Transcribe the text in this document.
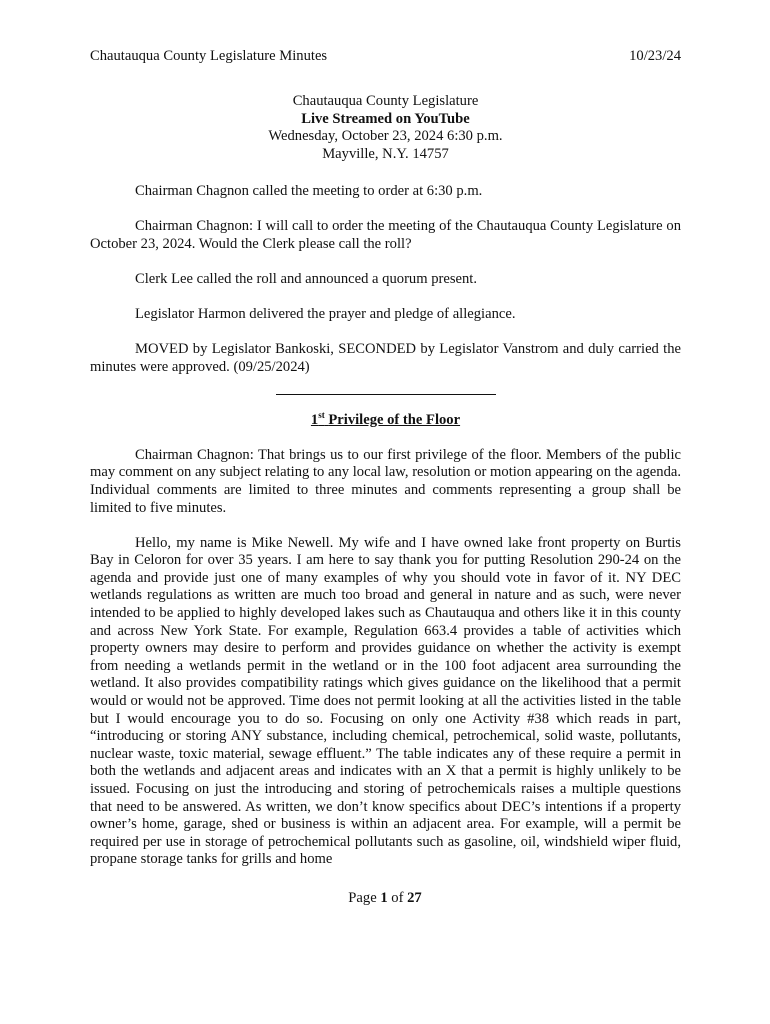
Chautauqua County Legislature Minutes	10/23/24
Chautauqua County Legislature
Live Streamed on YouTube
Wednesday, October 23, 2024 6:30 p.m.
Mayville, N.Y. 14757

Chairman Chagnon called the meeting to order at 6:30 p.m.

Chairman Chagnon: I will call to order the meeting of the Chautauqua County Legislature on October 23, 2024. Would the Clerk please call the roll?

Clerk Lee called the roll and announced a quorum present.

Legislator Harmon delivered the prayer and pledge of allegiance.

MOVED by Legislator Bankoski, SECONDED by Legislator Vanstrom and duly carried the minutes were approved. (09/25/2024)

1st Privilege of the Floor

Chairman Chagnon: That brings us to our first privilege of the floor. Members of the public may comment on any subject relating to any local law, resolution or motion appearing on the agenda. Individual comments are limited to three minutes and comments representing a group shall be limited to five minutes.

Hello, my name is Mike Newell. My wife and I have owned lake front property on Burtis Bay in Celoron for over 35 years. I am here to say thank you for putting Resolution 290-24 on the agenda and provide just one of many examples of why you should vote in favor of it. NY DEC wetlands regulations as written are much too broad and general in nature and as such, were never intended to be applied to highly developed lakes such as Chautauqua and others like it in this county and across New York State. For example, Regulation 663.4 provides a table of activities which property owners may desire to perform and provides guidance on whether the activity is exempt from needing a wetlands permit in the wetland or in the 100 foot adjacent area surrounding the wetland. It also provides compatibility ratings which gives guidance on the likelihood that a permit would or would not be approved. Time does not permit looking at all the activities listed in the table but I would encourage you to do so. Focusing on only one Activity #38 which reads in part, “introducing or storing ANY substance, including chemical, petrochemical, solid waste, pollutants, nuclear waste, toxic material, sewage effluent.” The table indicates any of these require a permit in both the wetlands and adjacent areas and indicates with an X that a permit is highly unlikely to be issued. Focusing on just the introducing and storing of petrochemicals raises a multiple questions that need to be answered. As written, we don’t know specifics about DEC’s intentions if a property owner’s home, garage, shed or business is within an adjacent area. For example, will a permit be required per use in storage of petrochemical pollutants such as gasoline, oil, windshield wiper fluid, propane storage tanks for grills and home

Page 1 of 27
